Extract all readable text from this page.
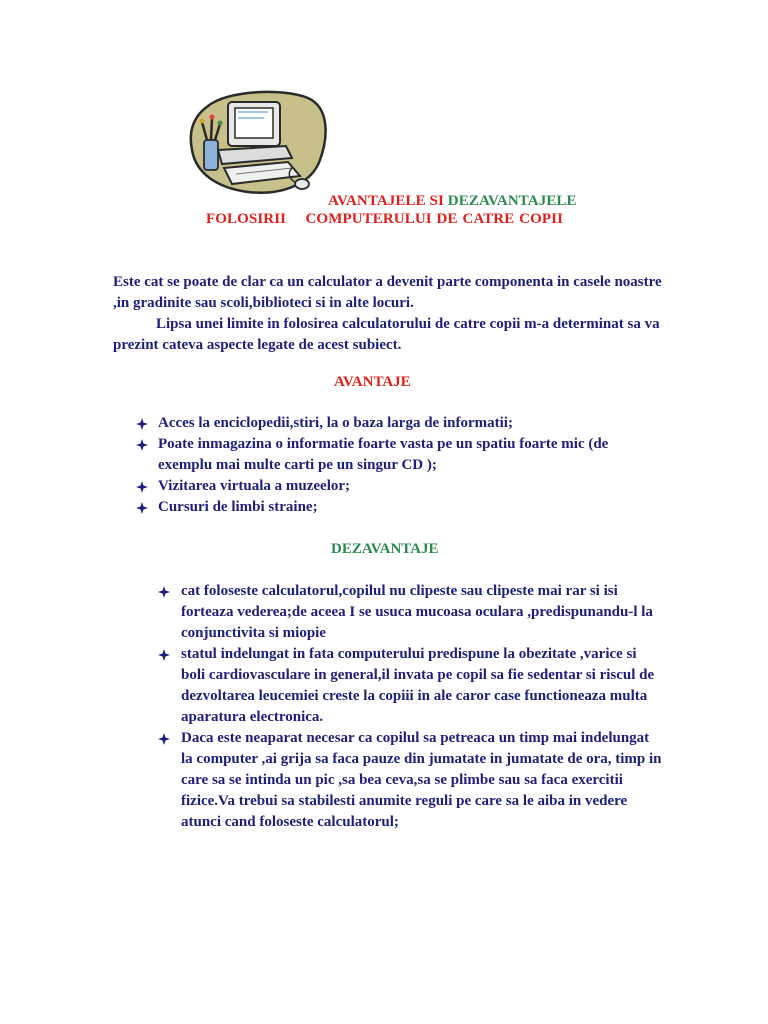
AVANTAJELE SI DEZAVANTAJELE
FOLOSIRII COMPUTERULUI DE CATRE COPII
Este cat se poate de clar ca un calculator a devenit parte componenta in casele noastre ,in gradinite sau scoli,biblioteci si in alte locuri.
Lipsa unei limite in folosirea calculatorului de catre copii m-a determinat sa va prezint cateva aspecte legate de acest subiect.
AVANTAJE
Acces la enciclopedii,stiri, la o baza larga de informatii;
Poate inmagazina o informatie foarte vasta pe un spatiu foarte mic (de exemplu mai multe carti pe un singur CD );
Vizitarea virtuala a muzeelor;
Cursuri de limbi straine;
DEZAVANTAJE
cat foloseste calculatorul,copilul nu clipeste sau clipeste mai rar si isi forteaza vederea;de aceea I se usuca mucoasa oculara ,predispunandu-l la conjunctivita si miopie
statul indelungat in fata computerului predispune la obezitate ,varice si boli cardiovasculare in general,il invata pe copil sa fie sedentar si riscul de dezvoltarea leucemiei creste la copiii in ale caror case functioneaza multa aparatura electronica.
Daca este neaparat necesar ca copilul sa petreaca un timp mai indelungat la computer ,ai grija sa faca pauze din jumatate in jumatate de ora, timp in care sa se intinda un pic ,sa bea ceva,sa se plimbe sau sa faca exercitii fizice.Va trebui sa stabilesti anumite reguli pe care sa le aiba in vedere atunci cand foloseste calculatorul;
